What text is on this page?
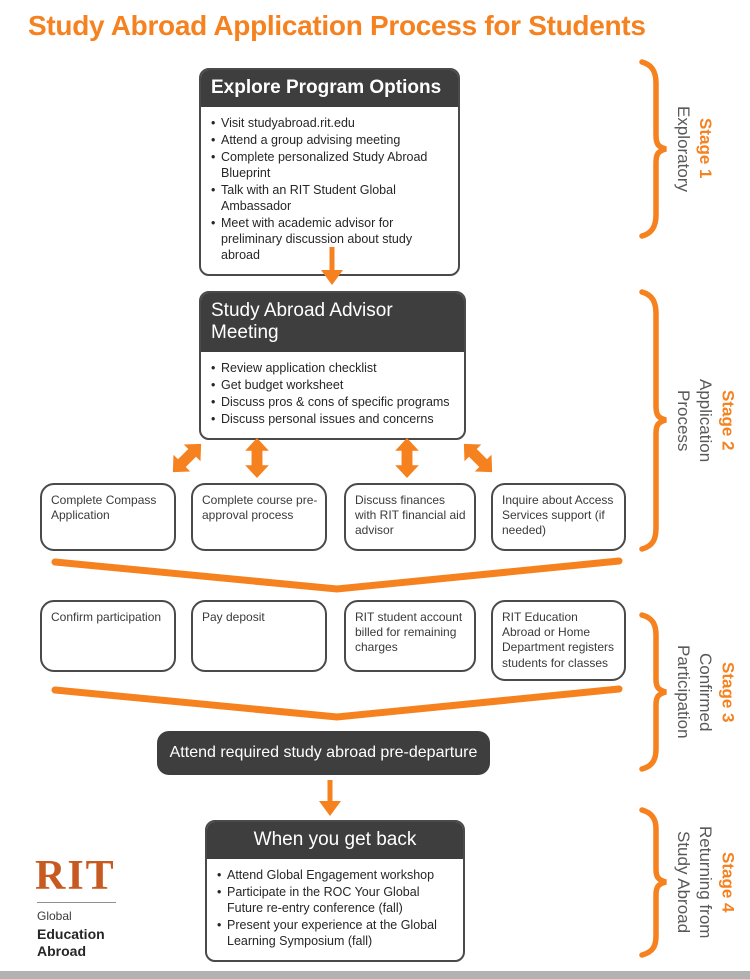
Study Abroad Application Process for Students
Explore Program Options
• Visit studyabroad.rit.edu
• Attend a group advising meeting
• Complete personalized Study Abroad Blueprint
• Talk with an RIT Student Global Ambassador
• Meet with academic advisor for preliminary discussion about study abroad
Study Abroad Advisor Meeting
• Review application checklist
• Get budget worksheet
• Discuss pros & cons of specific programs
• Discuss personal issues and concerns
Complete Compass Application
Complete course pre-approval process
Discuss finances with RIT financial aid advisor
Inquire about Access Services support (if needed)
Confirm participation	Pay deposit	RIT student account billed for remaining charges
RIT Education Abroad or Home Department registers students for classes
Attend required study abroad pre-departure
When you get back
• Attend Global Engagement workshop
• Participate in the ROC Your Global Future re-entry conference (fall)
• Present your experience at the Global Learning Symposium (fall)
RIT
Global
Education
Abroad
Stage 1
Exploratory
Stage 2
Application
Process
Stage 3
Confirmed
Participation
Stage 4
Returning from
Study Abroad
